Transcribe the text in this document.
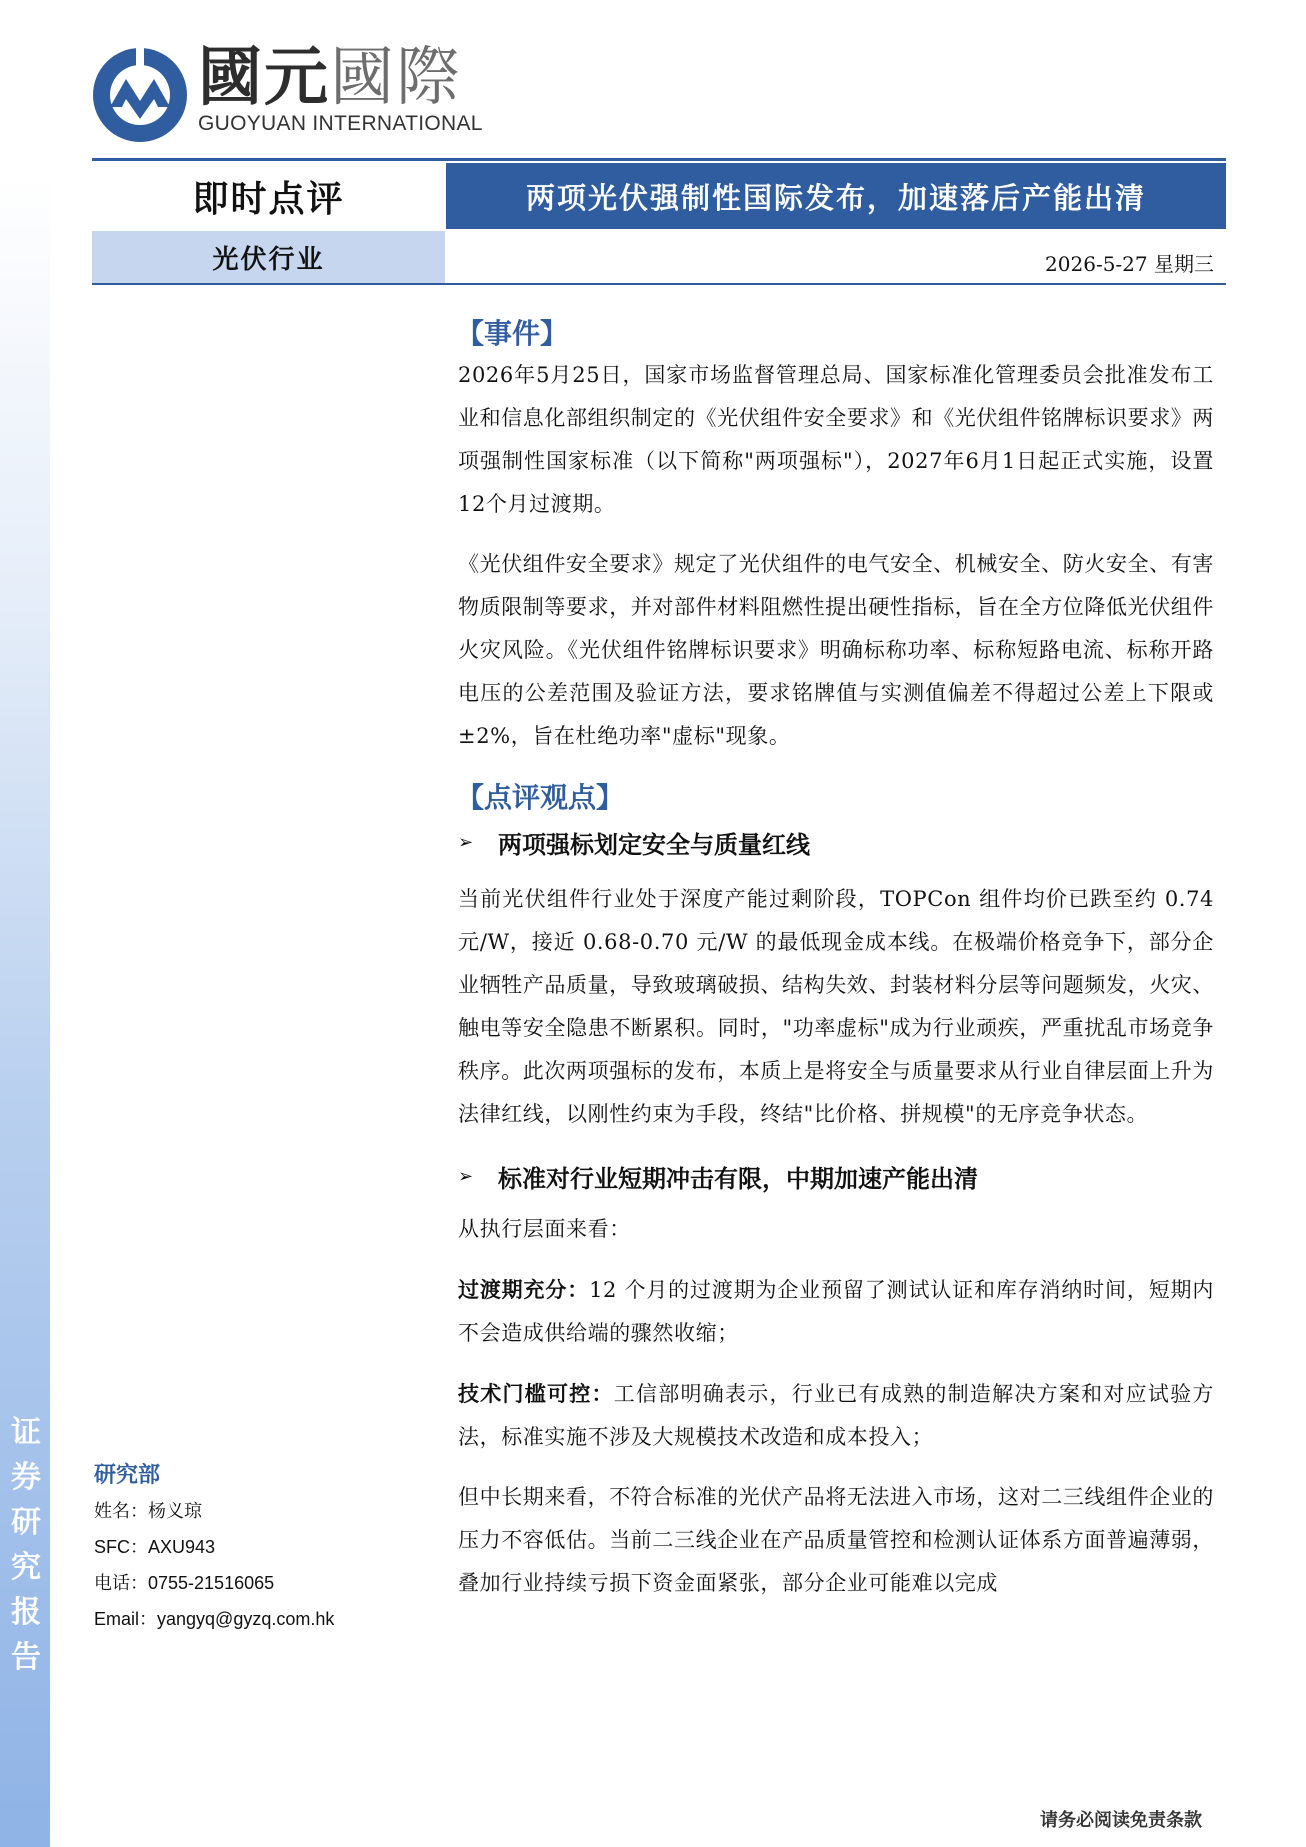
证
券
研
究
报
告
國元國際
GUOYUAN INTERNATIONAL
即时点评	两项光伏强制性国际发布，加速落后产能出清
光伏行业	2026-5-27 星期三
【事件】

2026年5月25日，国家市场监督管理总局、国家标准化管理委员会批准发布工业和信息化部组织制定的《光伏组件安全要求》和《光伏组件铭牌标识要求》两项强制性国家标准（以下简称"两项强标"），2027年6月1日起正式实施，设置12个月过渡期。

《光伏组件安全要求》规定了光伏组件的电气安全、机械安全、防火安全、有害物质限制等要求，并对部件材料阻燃性提出硬性指标，旨在全方位降低光伏组件火灾风险。《光伏组件铭牌标识要求》明确标称功率、标称短路电流、标称开路电压的公差范围及验证方法，要求铭牌值与实测值偏差不得超过公差上下限或±2%，旨在杜绝功率"虚标"现象。

【点评观点】
➢	两项强标划定安全与质量红线

当前光伏组件行业处于深度产能过剩阶段，TOPCon 组件均价已跌至约 0.74 元/W，接近 0.68-0.70 元/W 的最低现金成本线。在极端价格竞争下，部分企业牺牲产品质量，导致玻璃破损、结构失效、封装材料分层等问题频发，火灾、触电等安全隐患不断累积。同时，"功率虚标"成为行业顽疾，严重扰乱市场竞争秩序。此次两项强标的发布，本质上是将安全与质量要求从行业自律层面上升为法律红线，以刚性约束为手段，终结"比价格、拼规模"的无序竞争状态。

➢	标准对行业短期冲击有限，中期加速产能出清

从执行层面来看：

过渡期充分：12 个月的过渡期为企业预留了测试认证和库存消纳时间，短期内不会造成供给端的骤然收缩；

技术门槛可控：工信部明确表示，行业已有成熟的制造解决方案和对应试验方法，标准实施不涉及大规模技术改造和成本投入；

但中长期来看，不符合标准的光伏产品将无法进入市场，这对二三线组件企业的压力不容低估。当前二三线企业在产品质量管控和检测认证体系方面普遍薄弱，叠加行业持续亏损下资金面紧张，部分企业可能难以完成

研究部
姓名：杨义琼
SFC：AXU943
电话：0755-21516065
Email：yangyq@gyzq.com.hk
请务必阅读免责条款
